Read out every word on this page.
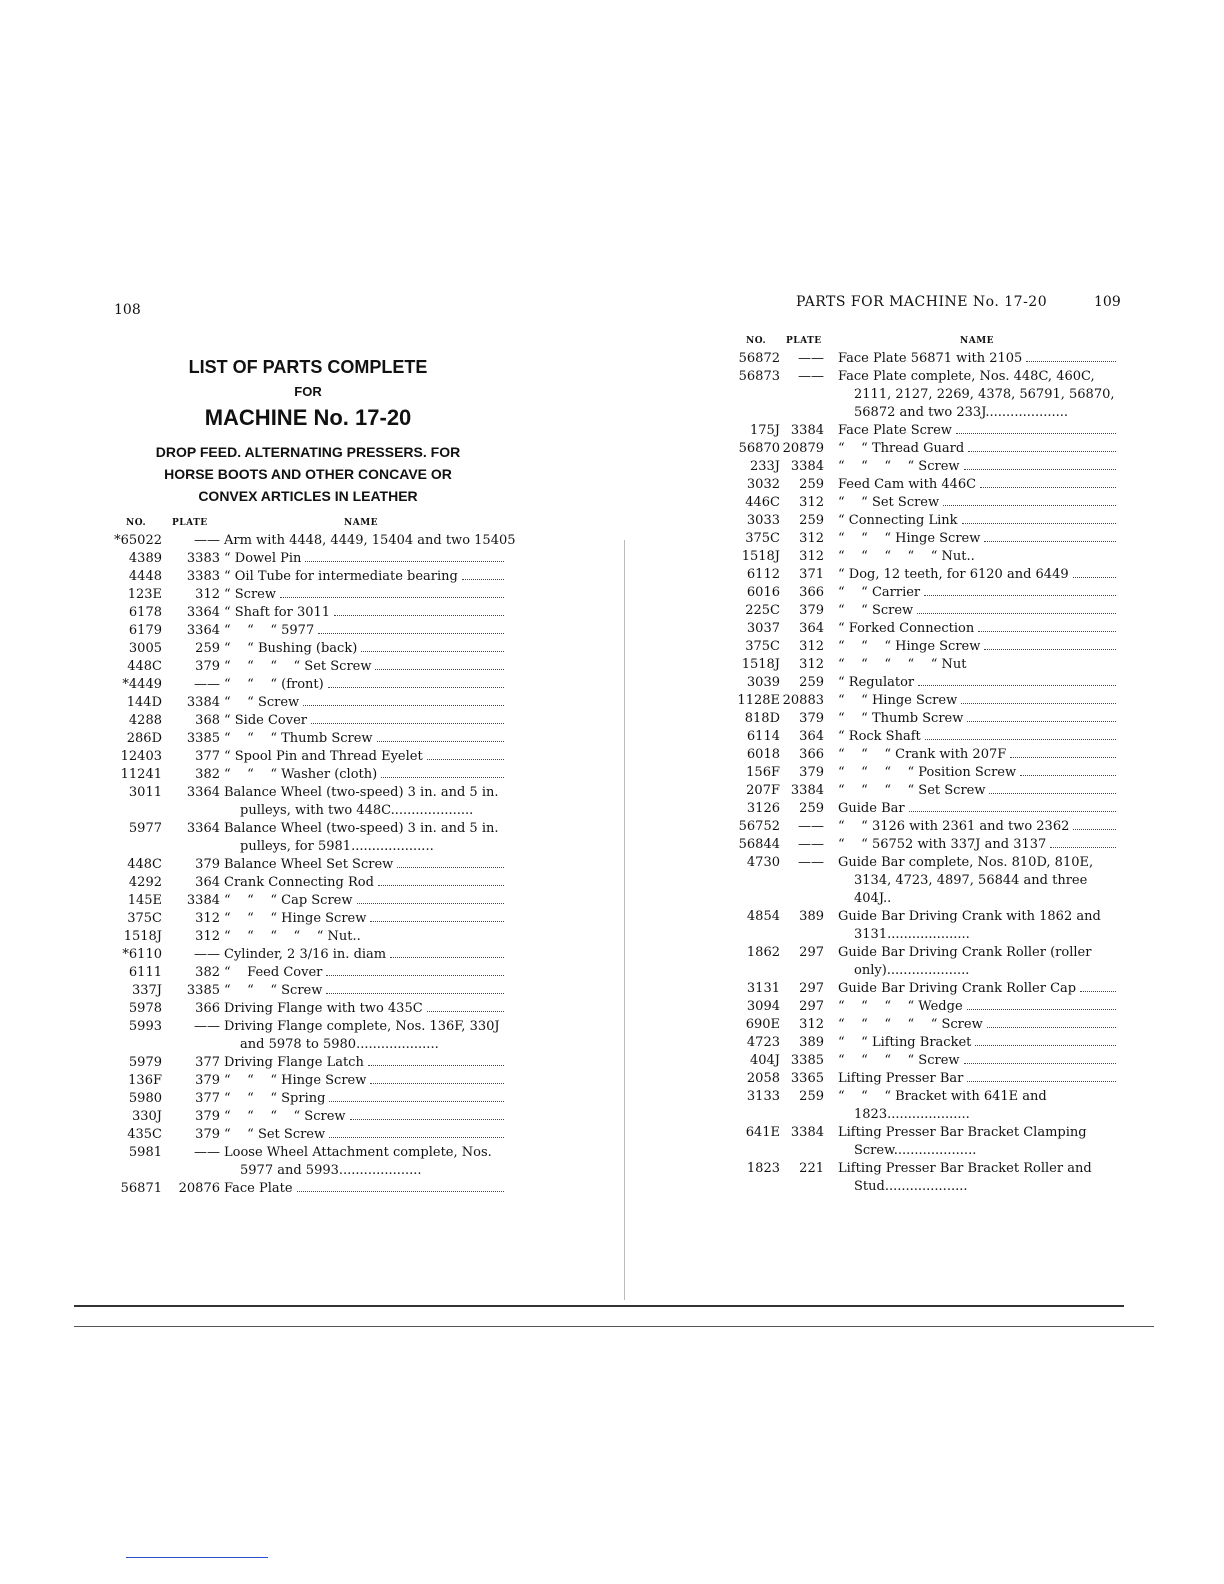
108
LIST OF PARTS COMPLETE
FOR
MACHINE No. 17-20
DROP FEED. ALTERNATING PRESSERS. FOR
HORSE BOOTS AND OTHER CONCAVE OR
CONVEX ARTICLES IN LEATHER
NO.	PLATE	NAME
*65022	—— Arm with 4448, 4449, 15404 and two 15405
4389	3383 “ Dowel Pin
4448	3383 “ Oil Tube for intermediate bearing
123E	312 “ Screw
6178	3364 “ Shaft for 3011
6179	3364 “    “    “ 5977
3005	259 “    “ Bushing (back)
448C	379 “    “    “    “ Set Screw
*4449	—— “    “    “ (front)
144D	3384 “    “ Screw
4288	368 “ Side Cover
286D	3385 “    “    “ Thumb Screw
12403	377 “ Spool Pin and Thread Eyelet
11241	382 “    “    “ Washer (cloth)
3011	3364 Balance Wheel (two-speed) 3 in. and 5 in.
pulleys, with two 448C....................
5977	3364 Balance Wheel (two-speed) 3 in. and 5 in.
pulleys, for 5981....................
448C	379 Balance Wheel Set Screw
4292	364 Crank Connecting Rod
145E	3384 “    “    “ Cap Screw
375C	312 “    “    “ Hinge Screw
1518J	312 “    “    “    “    “ Nut..
*6110	—— Cylinder, 2 3/16 in. diam
6111	382 “    Feed Cover
337J	3385 “    “    “ Screw
5978	366 Driving Flange with two 435C
5993	—— Driving Flange complete, Nos. 136F, 330J
and 5978 to 5980....................
5979	377 Driving Flange Latch
136F	379 “    “    “ Hinge Screw
5980	377 “    “    “ Spring
330J	379 “    “    “    “ Screw
435C	379 “    “ Set Screw
5981	—— Loose Wheel Attachment complete, Nos.
5977 and 5993....................
56871	20876 Face Plate
PARTS FOR MACHINE No. 17-20	109
NO. PLATE	NAME
56872	—— Face Plate 56871 with 2105
56873	—— Face Plate complete, Nos. 448C, 460C,
2111, 2127, 2269, 4378, 56791, 56870, 56872 and two 233J....................
175J 3384 Face Plate Screw
56870 20879 “    “ Thread Guard
233J 3384 “    “    “    “ Screw
3032	259 Feed Cam with 446C
446C	312 “    “ Set Screw
3033	259 “ Connecting Link
375C	312 “    “    “ Hinge Screw
1518J	312 “    “    “    “    “ Nut..
6112	371 “ Dog, 12 teeth, for 6120 and 6449
6016	366 “    “ Carrier
225C	379 “    “ Screw
3037	364 “ Forked Connection
375C	312 “    “    “ Hinge Screw
1518J	312 “    “    “    “    “ Nut
3039	259 “ Regulator
1128E 20883 “    “ Hinge Screw
818D	379 “    “ Thumb Screw
6114	364 “ Rock Shaft
6018	366 “    “    “ Crank with 207F
156F	379 “    “    “    “ Position Screw
207F 3384 “    “    “    “ Set Screw
3126	259 Guide Bar
56752	—— “    “ 3126 with 2361 and two 2362
56844	—— “    “ 56752 with 337J and 3137
4730	—— Guide Bar complete, Nos. 810D, 810E,
3134, 4723, 4897, 56844 and three 404J..
4854	389 Guide Bar Driving Crank with 1862 and
3131....................
1862	297 Guide Bar Driving Crank Roller (roller
only)....................
3131	297 Guide Bar Driving Crank Roller Cap
3094	297 “    “    “    “ Wedge
690E	312 “    “    “    “    “ Screw
4723	389 “    “ Lifting Bracket
404J 3385 “    “    “    “ Screw
2058 3365 Lifting Presser Bar
3133	259 “    “    “ Bracket with 641E and
1823....................
641E 3384 Lifting Presser Bar Bracket Clamping
Screw....................
1823	221 Lifting Presser Bar Bracket Roller and
Stud....................
